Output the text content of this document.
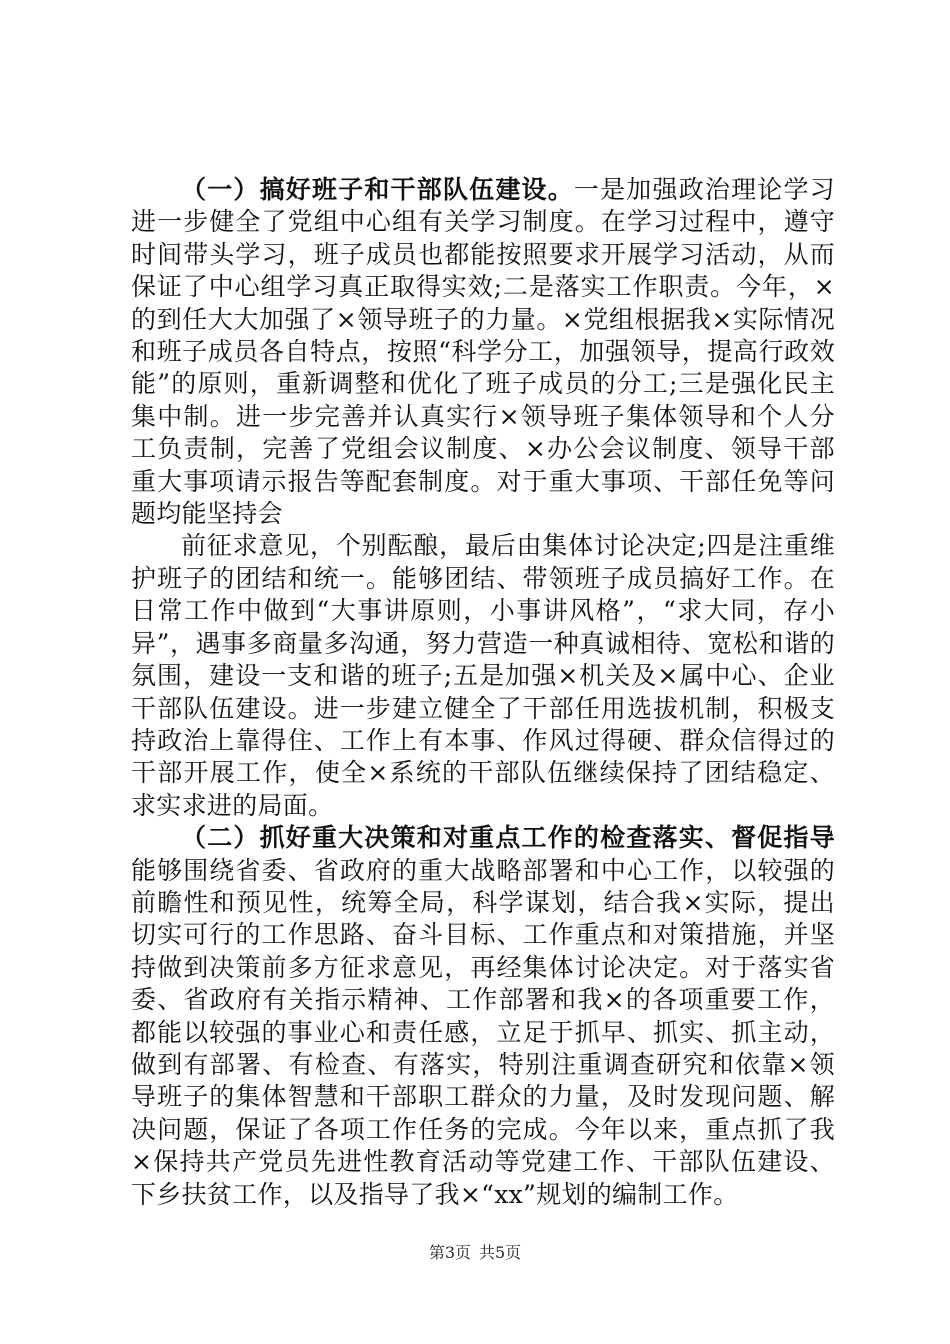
（一）搞好班子和干部队伍建设。一是加强政治理论学习进一步健全了党组中心组有关学习制度。在学习过程中，遵守时间带头学习，班子成员也都能按照要求开展学习活动，从而保证了中心组学习真正取得实效;二是落实工作职责。今年，×的到任大大加强了×领导班子的力量。×党组根据我×实际情况和班子成员各自特点，按照“科学分工，加强领导，提高行政效能”的原则，重新调整和优化了班子成员的分工;三是强化民主集中制。进一步完善并认真实行×领导班子集体领导和个人分工负责制，完善了党组会议制度、×办公会议制度、领导干部重大事项请示报告等配套制度。对于重大事项、干部任免等问题均能坚持会

前征求意见，个别酝酿，最后由集体讨论决定;四是注重维护班子的团结和统一。能够团结、带领班子成员搞好工作。在日常工作中做到“大事讲原则，小事讲风格”，“求大同，存小异”，遇事多商量多沟通，努力营造一种真诚相待、宽松和谐的氛围，建设一支和谐的班子;五是加强×机关及×属中心、企业干部队伍建设。进一步建立健全了干部任用选拔机制，积极支持政治上靠得住、工作上有本事、作风过得硬、群众信得过的干部开展工作，使全×系统的干部队伍继续保持了团结稳定、求实求进的局面。

（二）抓好重大决策和对重点工作的检查落实、督促指导能够围绕省委、省政府的重大战略部署和中心工作，以较强的前瞻性和预见性，统筹全局，科学谋划，结合我×实际，提出切实可行的工作思路、奋斗目标、工作重点和对策措施，并坚持做到决策前多方征求意见，再经集体讨论决定。对于落实省委、省政府有关指示精神、工作部署和我×的各项重要工作，都能以较强的事业心和责任感，立足于抓早、抓实、抓主动，做到有部署、有检查、有落实，特别注重调查研究和依靠×领导班子的集体智慧和干部职工群众的力量，及时发现问题、解决问题，保证了各项工作任务的完成。今年以来，重点抓了我×保持共产党员先进性教育活动等党建工作、干部队伍建设、下乡扶贫工作，以及指导了我×“xx”规划的编制工作。

第3页 共5页
